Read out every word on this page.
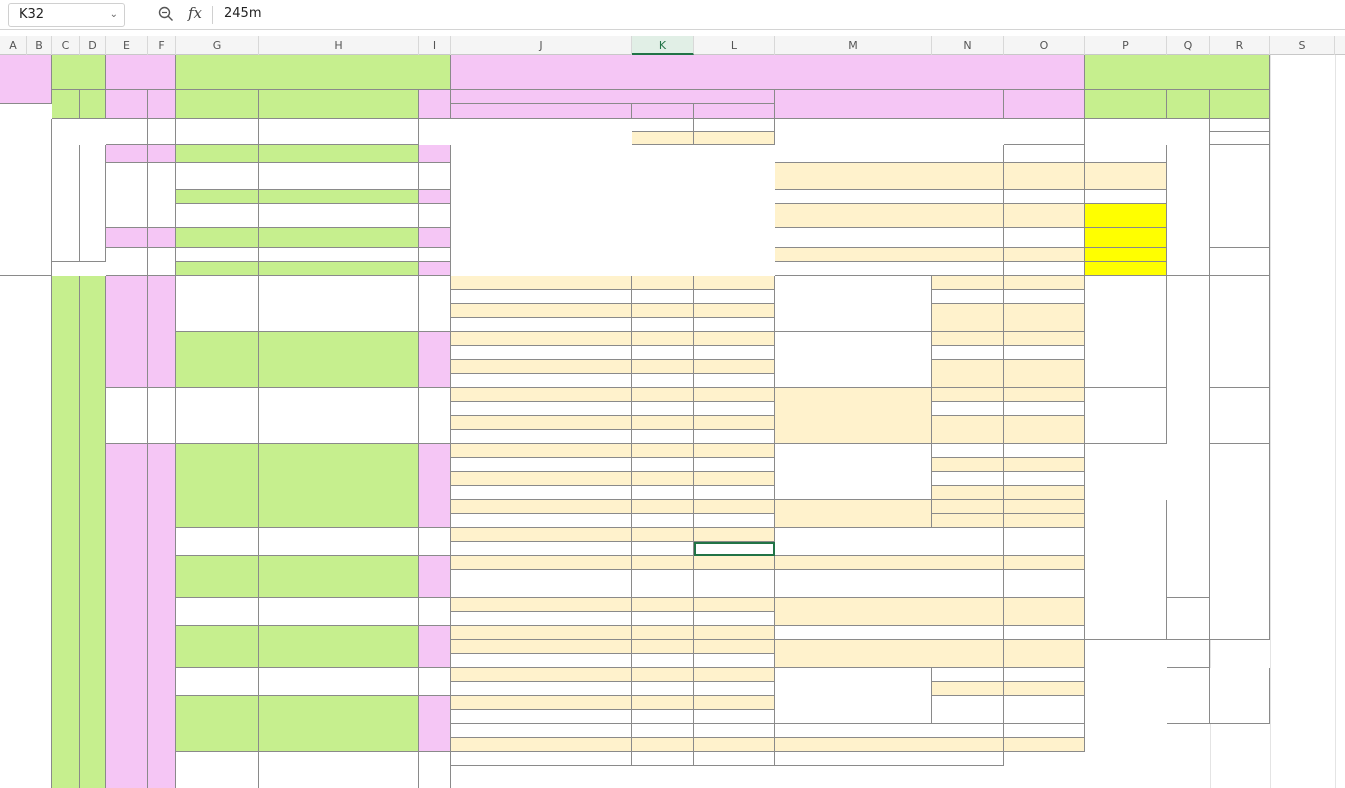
K32	⌄	fx 245m
A	B	C	D	E	F	G	H	I	J	K	L	M	N	O	P	Q	R	S
